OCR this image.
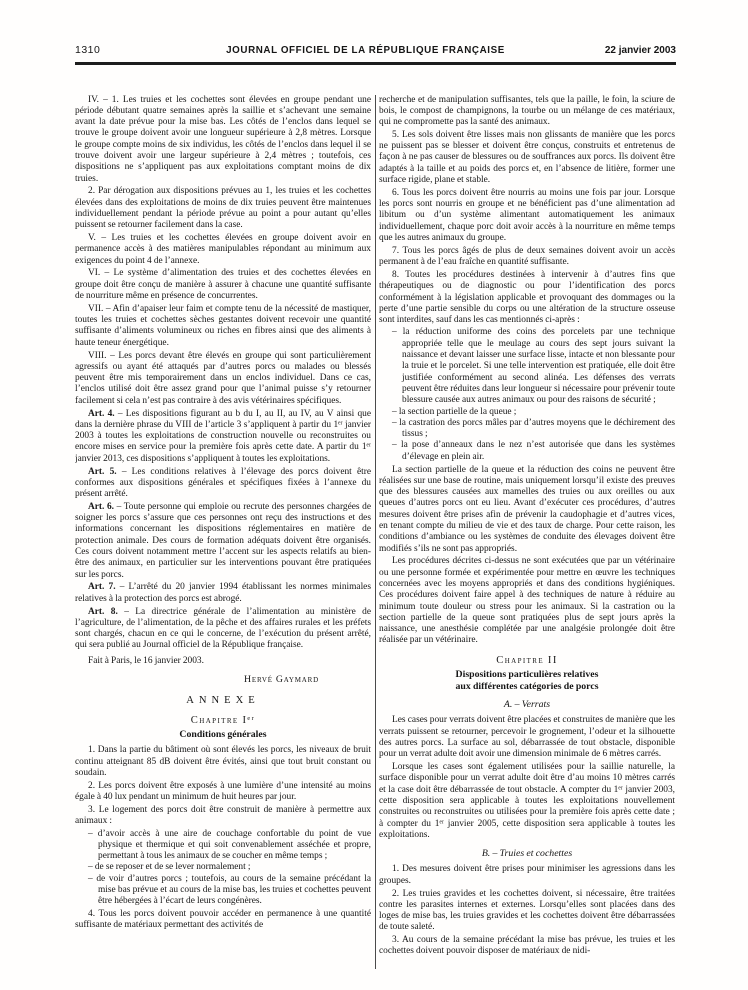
1310	JOURNAL OFFICIEL DE LA RÉPUBLIQUE FRANÇAISE	22 janvier 2003

IV. – 1. Les truies et les cochettes sont élevées en groupe pendant une période débutant quatre semaines après la saillie et s’achevant une semaine avant la date prévue pour la mise bas. Les côtés de l’enclos dans lequel se trouve le groupe doivent avoir une longueur supérieure à 2,8 mètres. Lorsque le groupe compte moins de six individus, les côtés de l’enclos dans lequel il se trouve doivent avoir une largeur supérieure à 2,4 mètres ; toutefois, ces dispositions ne s’appliquent pas aux exploitations comptant moins de dix truies.

2. Par dérogation aux dispositions prévues au 1, les truies et les cochettes élevées dans des exploitations de moins de dix truies peuvent être maintenues individuellement pendant la période prévue au point a pour autant qu’elles puissent se retourner facilement dans la case.

V. – Les truies et les cochettes élevées en groupe doivent avoir en permanence accès à des matières manipulables répondant au minimum aux exigences du point 4 de l’annexe.

VI. – Le système d’alimentation des truies et des cochettes élevées en groupe doit être conçu de manière à assurer à chacune une quantité suffisante de nourriture même en présence de concurrentes.

VII. – Afin d’apaiser leur faim et compte tenu de la nécessité de mastiquer, toutes les truies et cochettes sèches gestantes doivent recevoir une quantité suffisante d’aliments volumineux ou riches en fibres ainsi que des aliments à haute teneur énergétique.

VIII. – Les porcs devant être élevés en groupe qui sont particulièrement agressifs ou ayant été attaqués par d’autres porcs ou malades ou blessés peuvent être mis temporairement dans un enclos individuel. Dans ce cas, l’enclos utilisé doit être assez grand pour que l’animal puisse s’y retourner facilement si cela n’est pas contraire à des avis vétérinaires spécifiques.

Art. 4. – Les dispositions figurant au b du I, au II, au IV, au V ainsi que dans la dernière phrase du VIII de l’article 3 s’appliquent à partir du 1ᵉʳ janvier 2003 à toutes les exploitations de construction nouvelle ou reconstruites ou encore mises en service pour la première fois après cette date. A partir du 1ᵉʳ janvier 2013, ces dispositions s’appliquent à toutes les exploitations.

Art. 5. – Les conditions relatives à l’élevage des porcs doivent être conformes aux dispositions générales et spécifiques fixées à l’annexe du présent arrêté.

Art. 6. – Toute personne qui emploie ou recrute des personnes chargées de soigner les porcs s’assure que ces personnes ont reçu des instructions et des informations concernant les dispositions réglementaires en matière de protection animale. Des cours de formation adéquats doivent être organisés. Ces cours doivent notamment mettre l’accent sur les aspects relatifs au bien-être des animaux, en particulier sur les interventions pouvant être pratiquées sur les porcs.

Art. 7. – L’arrêté du 20 janvier 1994 établissant les normes minimales relatives à la protection des porcs est abrogé.

Art. 8. – La directrice générale de l’alimentation au ministère de l’agriculture, de l’alimentation, de la pêche et des affaires rurales et les préfets sont chargés, chacun en ce qui le concerne, de l’exécution du présent arrêté, qui sera publié au Journal officiel de la République française.

Fait à Paris, le 16 janvier 2003.

Hervé Gaymard
ANNEXE
Chapitre Iᵉʳ
Conditions générales

1. Dans la partie du bâtiment où sont élevés les porcs, les niveaux de bruit continu atteignant 85 dB doivent être évités, ainsi que tout bruit constant ou soudain.

2. Les porcs doivent être exposés à une lumière d’une intensité au moins égale à 40 lux pendant un minimum de huit heures par jour.

3. Le logement des porcs doit être construit de manière à permettre aux animaux :

– d’avoir accès à une aire de couchage confortable du point de vue physique et thermique et qui soit convenablement asséchée et propre, permettant à tous les animaux de se coucher en même temps ;
– de se reposer et de se lever normalement ;
– de voir d’autres porcs ; toutefois, au cours de la semaine précédant la mise bas prévue et au cours de la mise bas, les truies et cochettes peuvent être hébergées à l’écart de leurs congénères.

4. Tous les porcs doivent pouvoir accéder en permanence à une quantité suffisante de matériaux permettant des activités de

recherche et de manipulation suffisantes, tels que la paille, le foin, la sciure de bois, le compost de champignons, la tourbe ou un mélange de ces matériaux, qui ne compromette pas la santé des animaux.

5. Les sols doivent être lisses mais non glissants de manière que les porcs ne puissent pas se blesser et doivent être conçus, construits et entretenus de façon à ne pas causer de blessures ou de souffrances aux porcs. Ils doivent être adaptés à la taille et au poids des porcs et, en l’absence de litière, former une surface rigide, plane et stable.

6. Tous les porcs doivent être nourris au moins une fois par jour. Lorsque les porcs sont nourris en groupe et ne bénéficient pas d’une alimentation ad libitum ou d’un système alimentant automatiquement les animaux individuellement, chaque porc doit avoir accès à la nourriture en même temps que les autres animaux du groupe.

7. Tous les porcs âgés de plus de deux semaines doivent avoir un accès permanent à de l’eau fraîche en quantité suffisante.

8. Toutes les procédures destinées à intervenir à d’autres fins que thérapeutiques ou de diagnostic ou pour l’identification des porcs conformément à la législation applicable et provoquant des dommages ou la perte d’une partie sensible du corps ou une altération de la structure osseuse sont interdites, sauf dans les cas mentionnés ci-après :

– la réduction uniforme des coins des porcelets par une technique appropriée telle que le meulage au cours des sept jours suivant la naissance et devant laisser une surface lisse, intacte et non blessante pour la truie et le porcelet. Si une telle intervention est pratiquée, elle doit être justifiée conformément au second alinéa. Les défenses des verrats peuvent être réduites dans leur longueur si nécessaire pour prévenir toute blessure causée aux autres animaux ou pour des raisons de sécurité ;
– la section partielle de la queue ;
– la castration des porcs mâles par d’autres moyens que le déchirement des tissus ;
– la pose d’anneaux dans le nez n’est autorisée que dans les systèmes d’élevage en plein air.

La section partielle de la queue et la réduction des coins ne peuvent être réalisées sur une base de routine, mais uniquement lorsqu’il existe des preuves que des blessures causées aux mamelles des truies ou aux oreilles ou aux queues d’autres porcs ont eu lieu. Avant d’exécuter ces procédures, d’autres mesures doivent être prises afin de prévenir la caudophagie et d’autres vices, en tenant compte du milieu de vie et des taux de charge. Pour cette raison, les conditions d’ambiance ou les systèmes de conduite des élevages doivent être modifiés s’ils ne sont pas appropriés.

Les procédures décrites ci-dessus ne sont exécutées que par un vétérinaire ou une personne formée et expérimentée pour mettre en œuvre les techniques concernées avec les moyens appropriés et dans des conditions hygiéniques. Ces procédures doivent faire appel à des techniques de nature à réduire au minimum toute douleur ou stress pour les animaux. Si la castration ou la section partielle de la queue sont pratiquées plus de sept jours après la naissance, une anesthésie complétée par une analgésie prolongée doit être réalisée par un vétérinaire.

Chapitre II
Dispositions particulières relatives
aux différentes catégories de porcs
A. – Verrats

Les cases pour verrats doivent être placées et construites de manière que les verrats puissent se retourner, percevoir le grognement, l’odeur et la silhouette des autres porcs. La surface au sol, débarrassée de tout obstacle, disponible pour un verrat adulte doit avoir une dimension minimale de 6 mètres carrés.

Lorsque les cases sont également utilisées pour la saillie naturelle, la surface disponible pour un verrat adulte doit être d’au moins 10 mètres carrés et la case doit être débarrassée de tout obstacle. A compter du 1ᵉʳ janvier 2003, cette disposition sera applicable à toutes les exploitations nouvellement construites ou reconstruites ou utilisées pour la première fois après cette date ; à compter du 1ᵉʳ janvier 2005, cette disposition sera applicable à toutes les exploitations.

B. – Truies et cochettes

1. Des mesures doivent être prises pour minimiser les agressions dans les groupes.

2. Les truies gravides et les cochettes doivent, si nécessaire, être traitées contre les parasites internes et externes. Lorsqu’elles sont placées dans des loges de mise bas, les truies gravides et les cochettes doivent être débarrassées de toute saleté.

3. Au cours de la semaine précédant la mise bas prévue, les truies et les cochettes doivent pouvoir disposer de matériaux de nidi-
